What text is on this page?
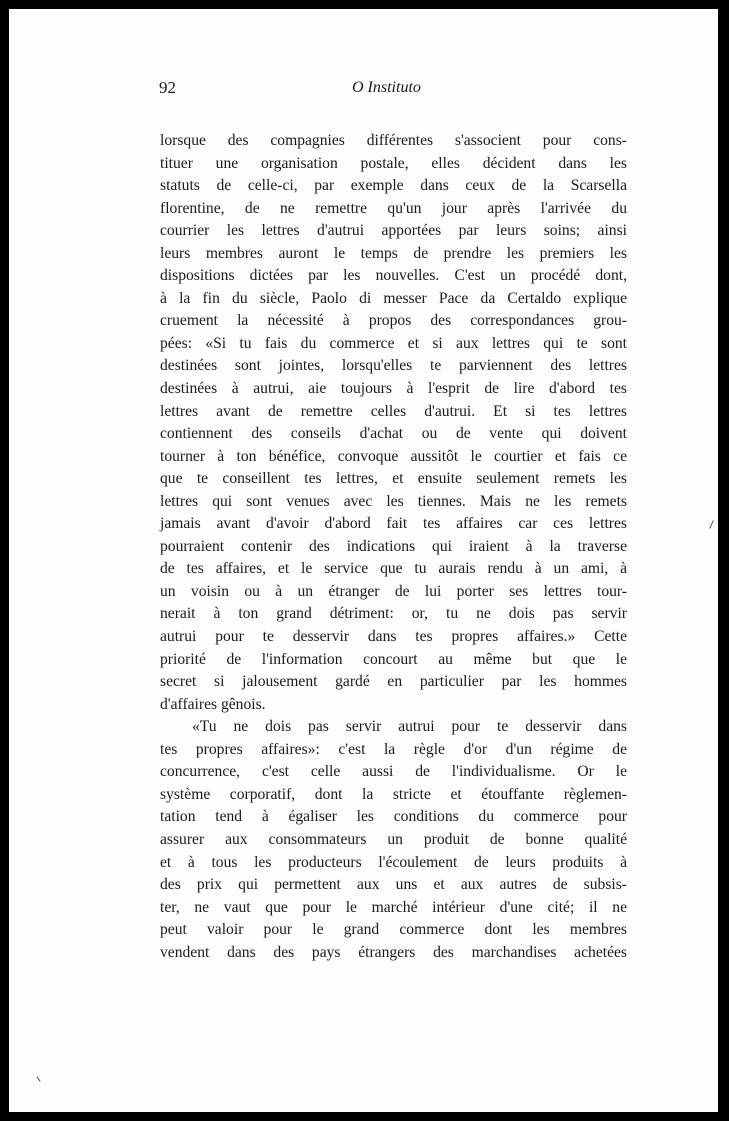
92	O Instituto
lorsque des compagnies différentes s'associent pour cons-
tituer une organisation postale, elles décident dans les
statuts de celle-ci, par exemple dans ceux de la Scarsella
florentine, de ne remettre qu'un jour après l'arrivée du
courrier les lettres d'autrui apportées par leurs soins; ainsi
leurs membres auront le temps de prendre les premiers les
dispositions dictées par les nouvelles. C'est un procédé dont,
à la fin du siècle, Paolo di messer Pace da Certaldo explique
cruement la nécessité à propos des correspondances grou-
pées: «Si tu fais du commerce et si aux lettres qui te sont
destinées sont jointes, lorsqu'elles te parviennent des lettres
destinées à autrui, aie toujours à l'esprit de lire d'abord tes
lettres avant de remettre celles d'autrui. Et si tes lettres
contiennent des conseils d'achat ou de vente qui doivent
tourner à ton bénéfice, convoque aussitôt le courtier et fais ce
que te conseillent tes lettres, et ensuite seulement remets les
lettres qui sont venues avec les tiennes. Mais ne les remets
jamais avant d'avoir d'abord fait tes affaires car ces lettres
pourraient contenir des indications qui iraient à la traverse
de tes affaires, et le service que tu aurais rendu à un ami, à
un voisin ou à un étranger de lui porter ses lettres tour-
nerait à ton grand détriment: or, tu ne dois pas servir
autrui pour te desservir dans tes propres affaires.» Cette
priorité de l'information concourt au même but que le
secret si jalousement gardé en particulier par les hommes
d'affaires gênois.
«Tu ne dois pas servir autrui pour te desservir dans
tes propres affaires»: c'est la règle d'or d'un régime de
concurrence, c'est celle aussi de l'individualisme. Or le
système corporatif, dont la stricte et étouffante règlemen-
tation tend à égaliser les conditions du commerce pour
assurer aux consommateurs un produit de bonne qualité
et à tous les producteurs l'écoulement de leurs produits à
des prix qui permettent aux uns et aux autres de subsis-
ter, ne vaut que pour le marché intérieur d'une cité; il ne
peut valoir pour le grand commerce dont les membres
vendent dans des pays étrangers des marchandises achetées
